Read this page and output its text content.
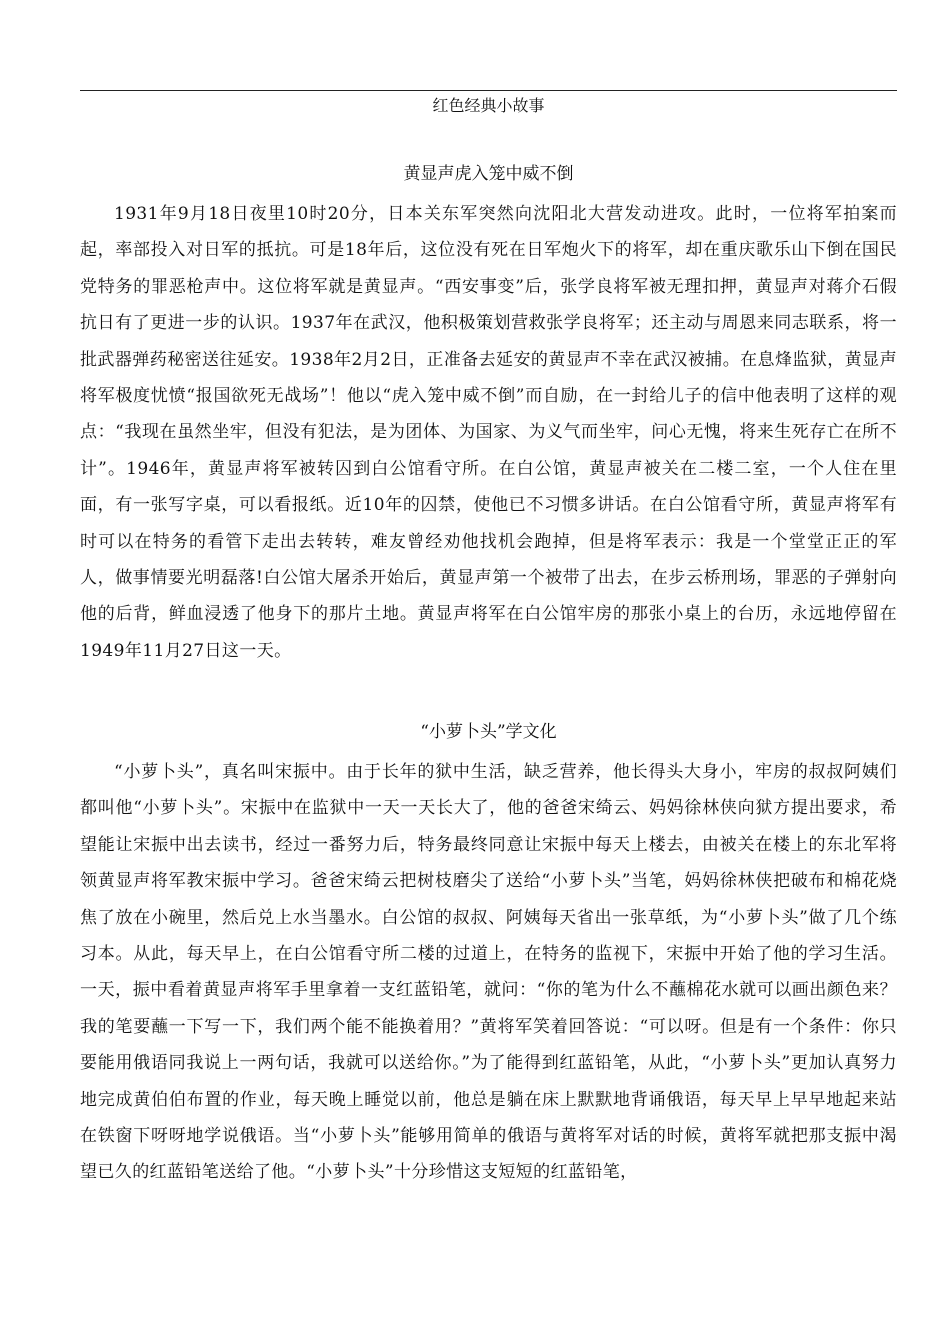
红色经典小故事
黄显声虎入笼中威不倒

1931年9月18日夜里10时20分，日本关东军突然向沈阳北大营发动进攻。此时，一位将军拍案而起，率部投入对日军的抵抗。可是18年后，这位没有死在日军炮火下的将军，却在重庆歌乐山下倒在国民党特务的罪恶枪声中。这位将军就是黄显声。“西安事变”后，张学良将军被无理扣押，黄显声对蒋介石假抗日有了更进一步的认识。1937年在武汉，他积极策划营救张学良将军；还主动与周恩来同志联系，将一批武器弹药秘密送往延安。1938年2月2日，正准备去延安的黄显声不幸在武汉被捕。在息烽监狱，黄显声将军极度忧愤“报国欲死无战场”！他以“虎入笼中威不倒”而自励，在一封给儿子的信中他表明了这样的观点：“我现在虽然坐牢，但没有犯法，是为团体、为国家、为义气而坐牢，问心无愧，将来生死存亡在所不计”。1946年，黄显声将军被转囚到白公馆看守所。在白公馆，黄显声被关在二楼二室，一个人住在里面，有一张写字桌，可以看报纸。近10年的囚禁，使他已不习惯多讲话。在白公馆看守所，黄显声将军有时可以在特务的看管下走出去转转，难友曾经劝他找机会跑掉，但是将军表示：我是一个堂堂正正的军人，做事情要光明磊落!白公馆大屠杀开始后，黄显声第一个被带了出去，在步云桥刑场，罪恶的子弹射向他的后背，鲜血浸透了他身下的那片土地。黄显声将军在白公馆牢房的那张小桌上的台历，永远地停留在1949年11月27日这一天。

“小萝卜头”学文化

“小萝卜头”，真名叫宋振中。由于长年的狱中生活，缺乏营养，他长得头大身小，牢房的叔叔阿姨们都叫他“小萝卜头”。宋振中在监狱中一天一天长大了，他的爸爸宋绮云、妈妈徐林侠向狱方提出要求，希望能让宋振中出去读书，经过一番努力后，特务最终同意让宋振中每天上楼去，由被关在楼上的东北军将领黄显声将军教宋振中学习。爸爸宋绮云把树枝磨尖了送给“小萝卜头”当笔，妈妈徐林侠把破布和棉花烧焦了放在小碗里，然后兑上水当墨水。白公馆的叔叔、阿姨每天省出一张草纸，为“小萝卜头”做了几个练习本。从此，每天早上，在白公馆看守所二楼的过道上，在特务的监视下，宋振中开始了他的学习生活。一天，振中看着黄显声将军手里拿着一支红蓝铅笔，就问：“你的笔为什么不蘸棉花水就可以画出颜色来？我的笔要蘸一下写一下，我们两个能不能换着用？”黄将军笑着回答说：“可以呀。但是有一个条件：你只要能用俄语同我说上一两句话，我就可以送给你。”为了能得到红蓝铅笔，从此，“小萝卜头”更加认真努力地完成黄伯伯布置的作业，每天晚上睡觉以前，他总是躺在床上默默地背诵俄语，每天早上早早地起来站在铁窗下呀呀地学说俄语。当“小萝卜头”能够用简单的俄语与黄将军对话的时候，黄将军就把那支振中渴望已久的红蓝铅笔送给了他。“小萝卜头”十分珍惜这支短短的红蓝铅笔，
